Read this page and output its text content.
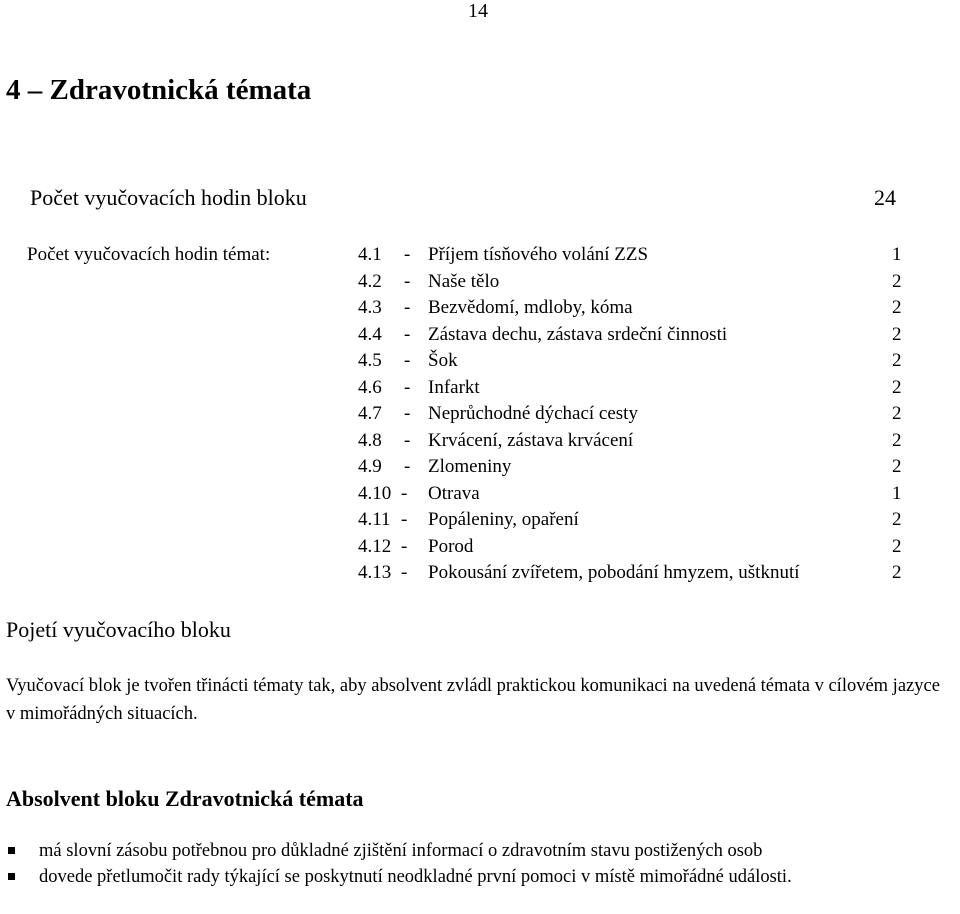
14
4 – Zdravotnická témata
Počet vyučovacích hodin bloku	24
Počet vyučovacích hodin témat:	4.1 - Příjem tísňového volání ZZS	1
4.2 - Naše tělo	2
4.3 - Bezvědomí, mdloby, kóma	2
4.4 - Zástava dechu, zástava srdeční činnosti	2
4.5 - Šok	2
4.6 - Infarkt	2
4.7 - Neprůchodné dýchací cesty	2
4.8 - Krvácení, zástava krvácení	2
4.9 - Zlomeniny	2
4.10 - Otrava	1
4.11 - Popáleniny, opaření	2
4.12 - Porod	2
4.13 - Pokousání zvířetem, pobodání hmyzem, uštknutí	2
Pojetí vyučovacího bloku
Vyučovací blok je tvořen třinácti tématy tak, aby absolvent zvládl praktickou komunikaci na uvedená témata v cílovém jazyce v mimořádných situacích.
Absolvent bloku Zdravotnická témata
má slovní zásobu potřebnou pro důkladné zjištění informací o zdravotním stavu postižených osob
dovede přetlumočit rady týkající se poskytnutí neodkladné první pomoci v místě mimořádné události.
